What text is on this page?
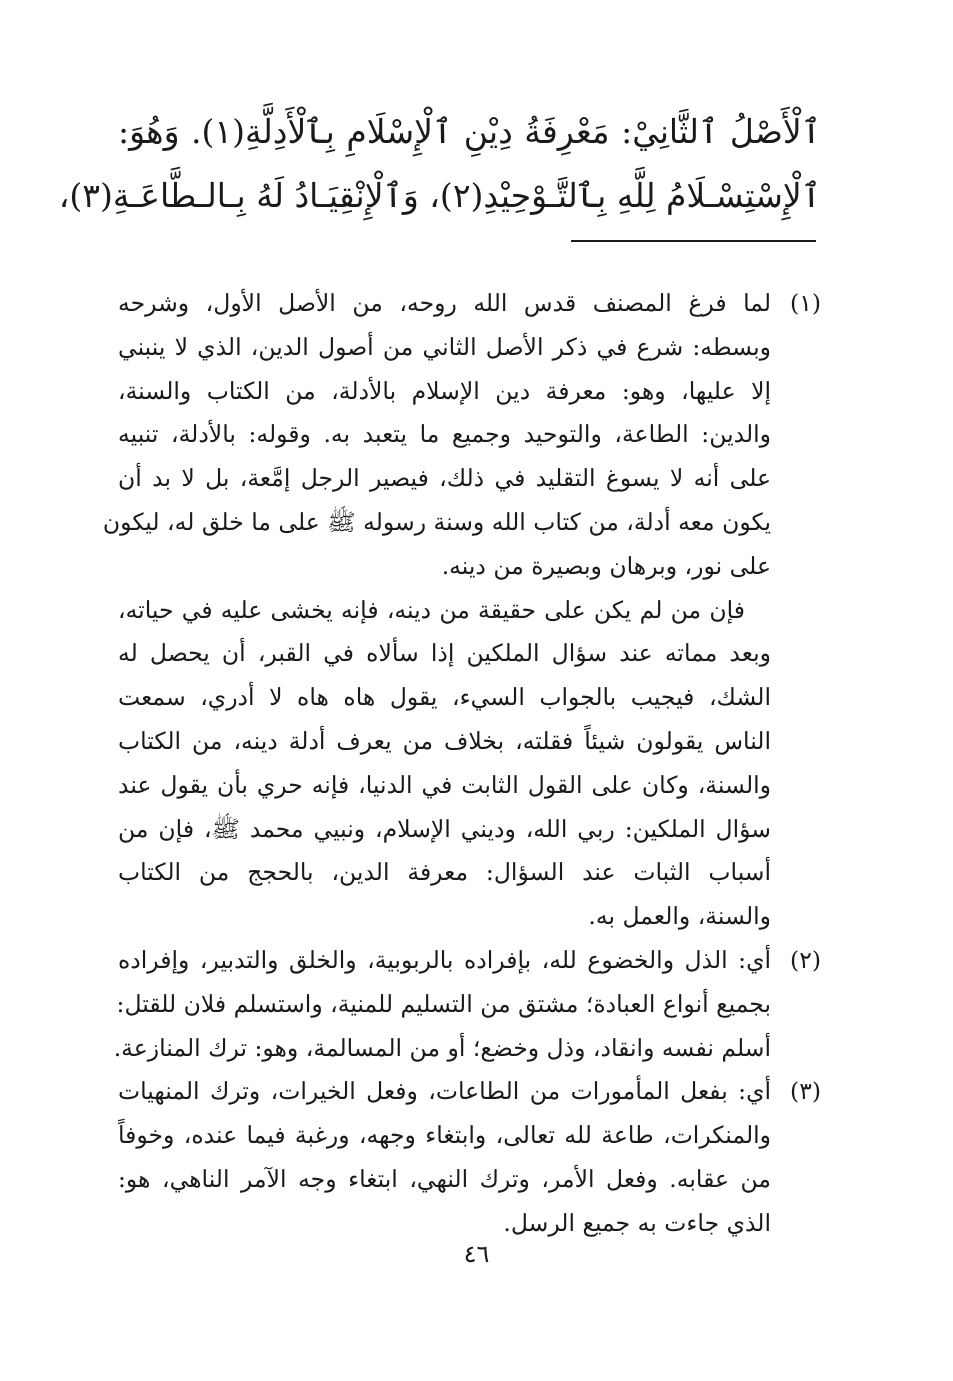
ٱلْأَصْلُ ٱلثَّانِيْ: مَعْرِفَةُ دِيْنِ ٱلْإِسْلَامِ بِٱلْأَدِلَّةِ(١). وَهُوَ:
ٱلْإِسْتِسْـلَامُ لِلَّهِ بِٱلتَّـوْحِيْدِ(٢)، وَٱلْإِنْقِيَـادُ لَهُ بِـالـطَّاعَـةِ(٣)،
(١)
لما فرغ المصنف قدس الله روحه، من الأصل الأول، وشرحه
وبسطه: شرع في ذكر الأصل الثاني من أصول الدين، الذي لا ينبني
إلا عليها، وهو: معرفة دين الإسلام بالأدلة، من الكتاب والسنة،
والدين: الطاعة، والتوحيد وجميع ما يتعبد به. وقوله: بالأدلة، تنبيه
على أنه لا يسوغ التقليد في ذلك، فيصير الرجل إمَّعة، بل لا بد أن
يكون معه أدلة، من كتاب الله وسنة رسوله ﷺ على ما خلق له، ليكون
على نور، وبرهان وبصيرة من دينه.
فإن من لم يكن على حقيقة من دينه، فإنه يخشى عليه في حياته،
وبعد مماته عند سؤال الملكين إذا سألاه في القبر، أن يحصل له
الشك، فيجيب بالجواب السيء، يقول هاه هاه لا أدري، سمعت
الناس يقولون شيئاً فقلته، بخلاف من يعرف أدلة دينه، من الكتاب
والسنة، وكان على القول الثابت في الدنيا، فإنه حري بأن يقول عند
سؤال الملكين: ربي الله، وديني الإسلام، ونبيي محمد ﷺ، فإن من
أسباب الثبات عند السؤال: معرفة الدين، بالحجج من الكتاب
والسنة، والعمل به.
(٢)
أي: الذل والخضوع لله، بإفراده بالربوبية، والخلق والتدبير، وإفراده
بجميع أنواع العبادة؛ مشتق من التسليم للمنية، واستسلم فلان للقتل:
أسلم نفسه وانقاد، وذل وخضع؛ أو من المسالمة، وهو: ترك المنازعة.
(٣)
أي: بفعل المأمورات من الطاعات، وفعل الخيرات، وترك المنهيات
والمنكرات، طاعة لله تعالى، وابتغاء وجهه، ورغبة فيما عنده، وخوفاً
من عقابه. وفعل الأمر، وترك النهي، ابتغاء وجه الآمر الناهي، هو:
الذي جاءت به جميع الرسل.
٤٦
